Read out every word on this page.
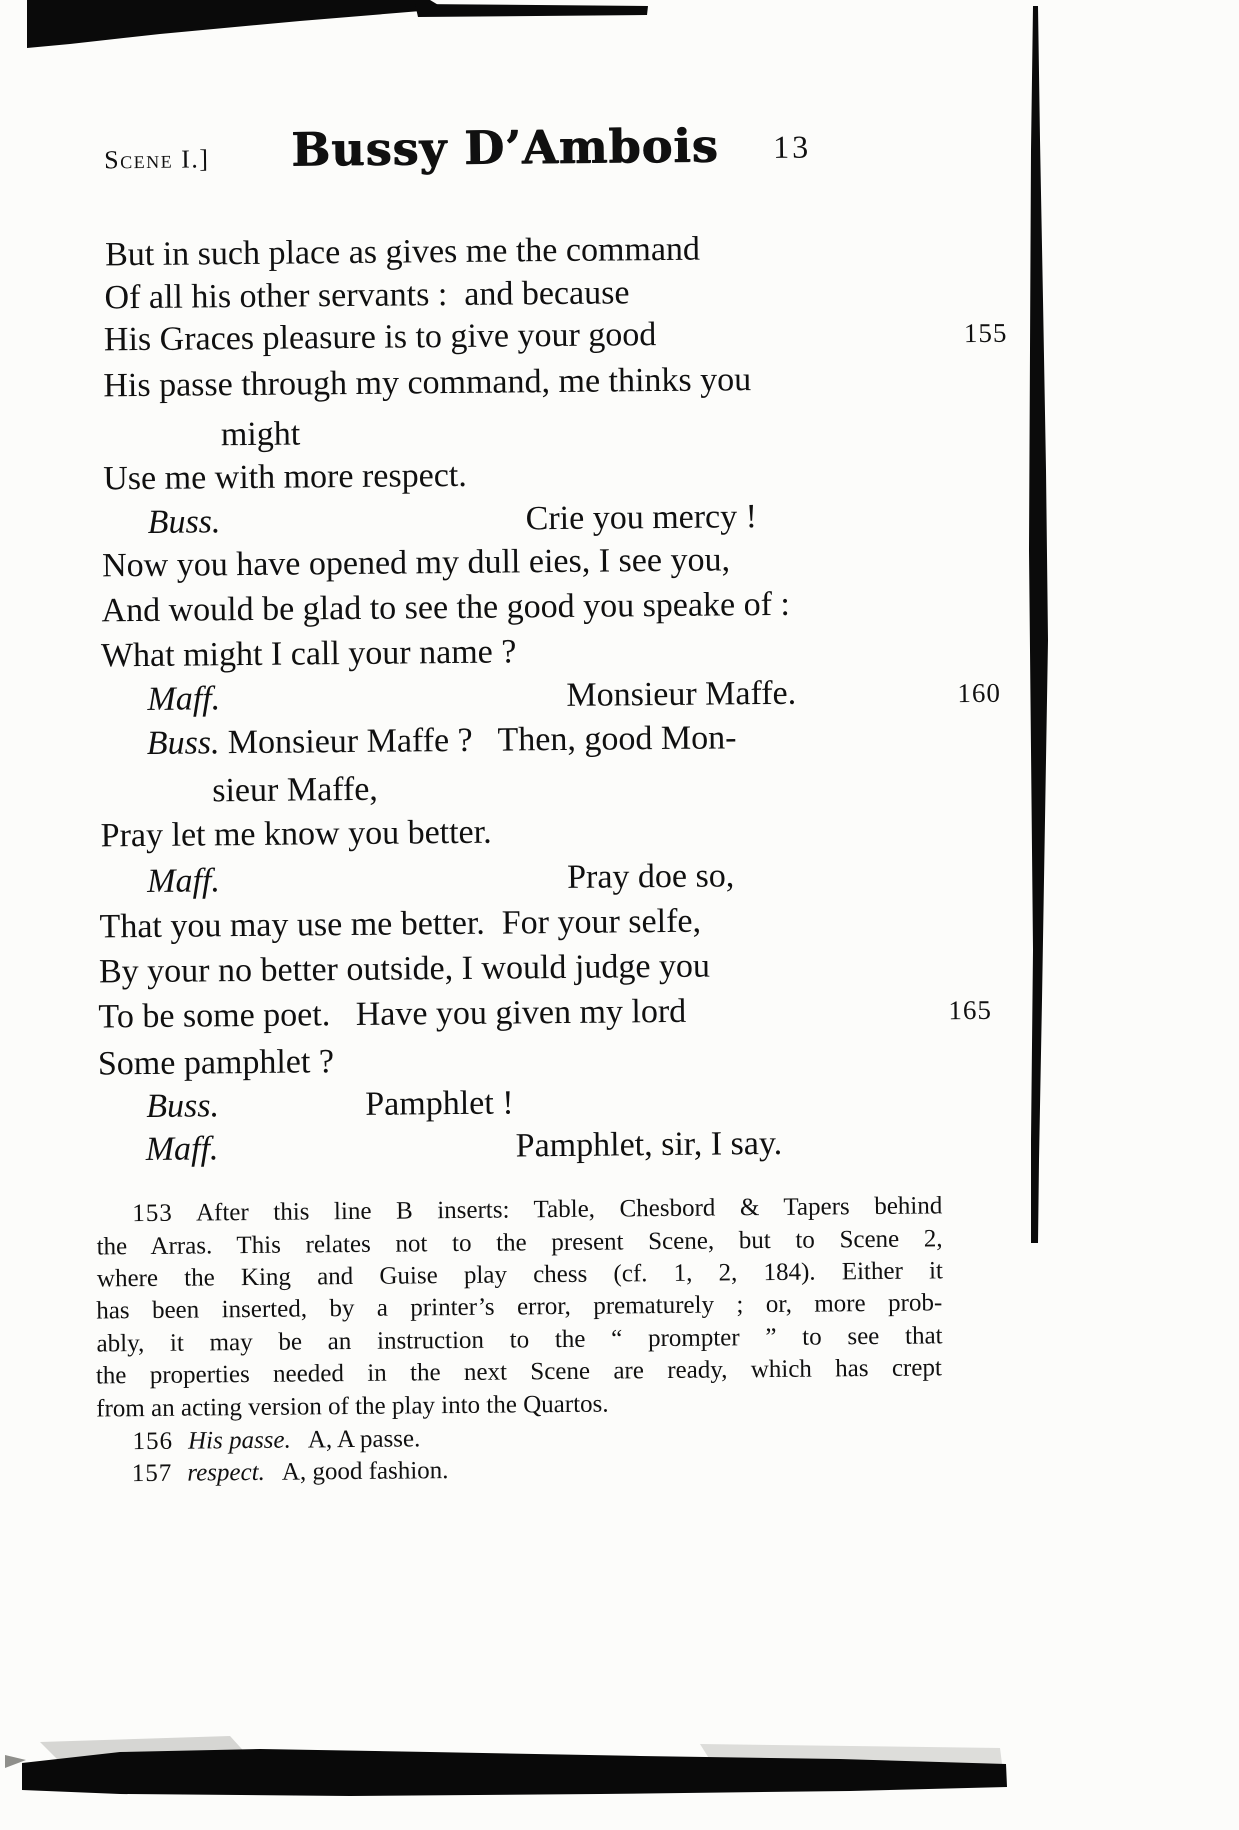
Scene I.] Bussy D’Ambois 13
But in such place as gives me the command
Of all his other servants :  and because
His Graces pleasure is to give your good	155
His passe through my command, me thinks you
might
Use me with more respect.
Buss.	Crie you mercy !
Now you have opened my dull eies, I see you,
And would be glad to see the good you speake of :
What might I call your name ?
Maff.	Monsieur Maffe.	160
Buss. Monsieur Maffe ?   Then, good Mon-
sieur Maffe,
Pray let me know you better.
Maff.	Pray doe so,
That you may use me better.  For your selfe,
By your no better outside, I would judge you
To be some poet.   Have you given my lord	165
Some pamphlet ?
Buss.	Pamphlet !
Maff.	Pamphlet, sir, I say.
153 After this line B inserts: Table, Chesbord & Tapers behind
the Arras. This relates not to the present Scene, but to Scene 2,
where the King and Guise play chess (cf. 1, 2, 184). Either it
has been inserted, by a printer’s error, prematurely ; or, more prob-
ably, it may be an instruction to the “ prompter ” to see that
the properties needed in the next Scene are ready, which has crept
from an acting version of the play into the Quartos.
156 His passe. A, A passe.
157 respect. A, good fashion.
